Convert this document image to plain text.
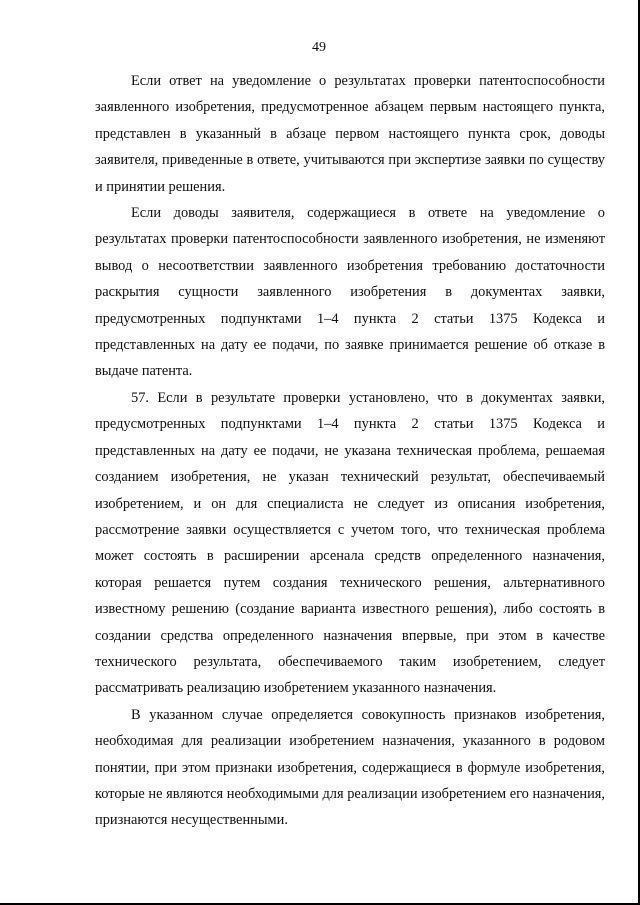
49

Если ответ на уведомление о результатах проверки патентоспособности заявленного изобретения, предусмотренное абзацем первым настоящего пункта, представлен в указанный в абзаце первом настоящего пункта срок, доводы заявителя, приведенные в ответе, учитываются при экспертизе заявки по существу и принятии решения.

Если доводы заявителя, содержащиеся в ответе на уведомление о результатах проверки патентоспособности заявленного изобретения, не изменяют вывод о несоответствии заявленного изобретения требованию достаточности раскрытия сущности заявленного изобретения в документах заявки, предусмотренных подпунктами 1–4 пункта 2 статьи 1375 Кодекса и представленных на дату ее подачи, по заявке принимается решение об отказе в выдаче патента.

57. Если в результате проверки установлено, что в документах заявки, предусмотренных подпунктами 1–4 пункта 2 статьи 1375 Кодекса и представленных на дату ее подачи, не указана техническая проблема, решаемая созданием изобретения, не указан технический результат, обеспечиваемый изобретением, и он для специалиста не следует из описания изобретения, рассмотрение заявки осуществляется с учетом того, что техническая проблема может состоять в расширении арсенала средств определенного назначения, которая решается путем создания технического решения, альтернативного известному решению (создание варианта известного решения), либо состоять в создании средства определенного назначения впервые, при этом в качестве технического результата, обеспечиваемого таким изобретением, следует рассматривать реализацию изобретением указанного назначения.

В указанном случае определяется совокупность признаков изобретения, необходимая для реализации изобретением назначения, указанного в родовом понятии, при этом признаки изобретения, содержащиеся в формуле изобретения, которые не являются необходимыми для реализации изобретением его назначения, признаются несущественными.
